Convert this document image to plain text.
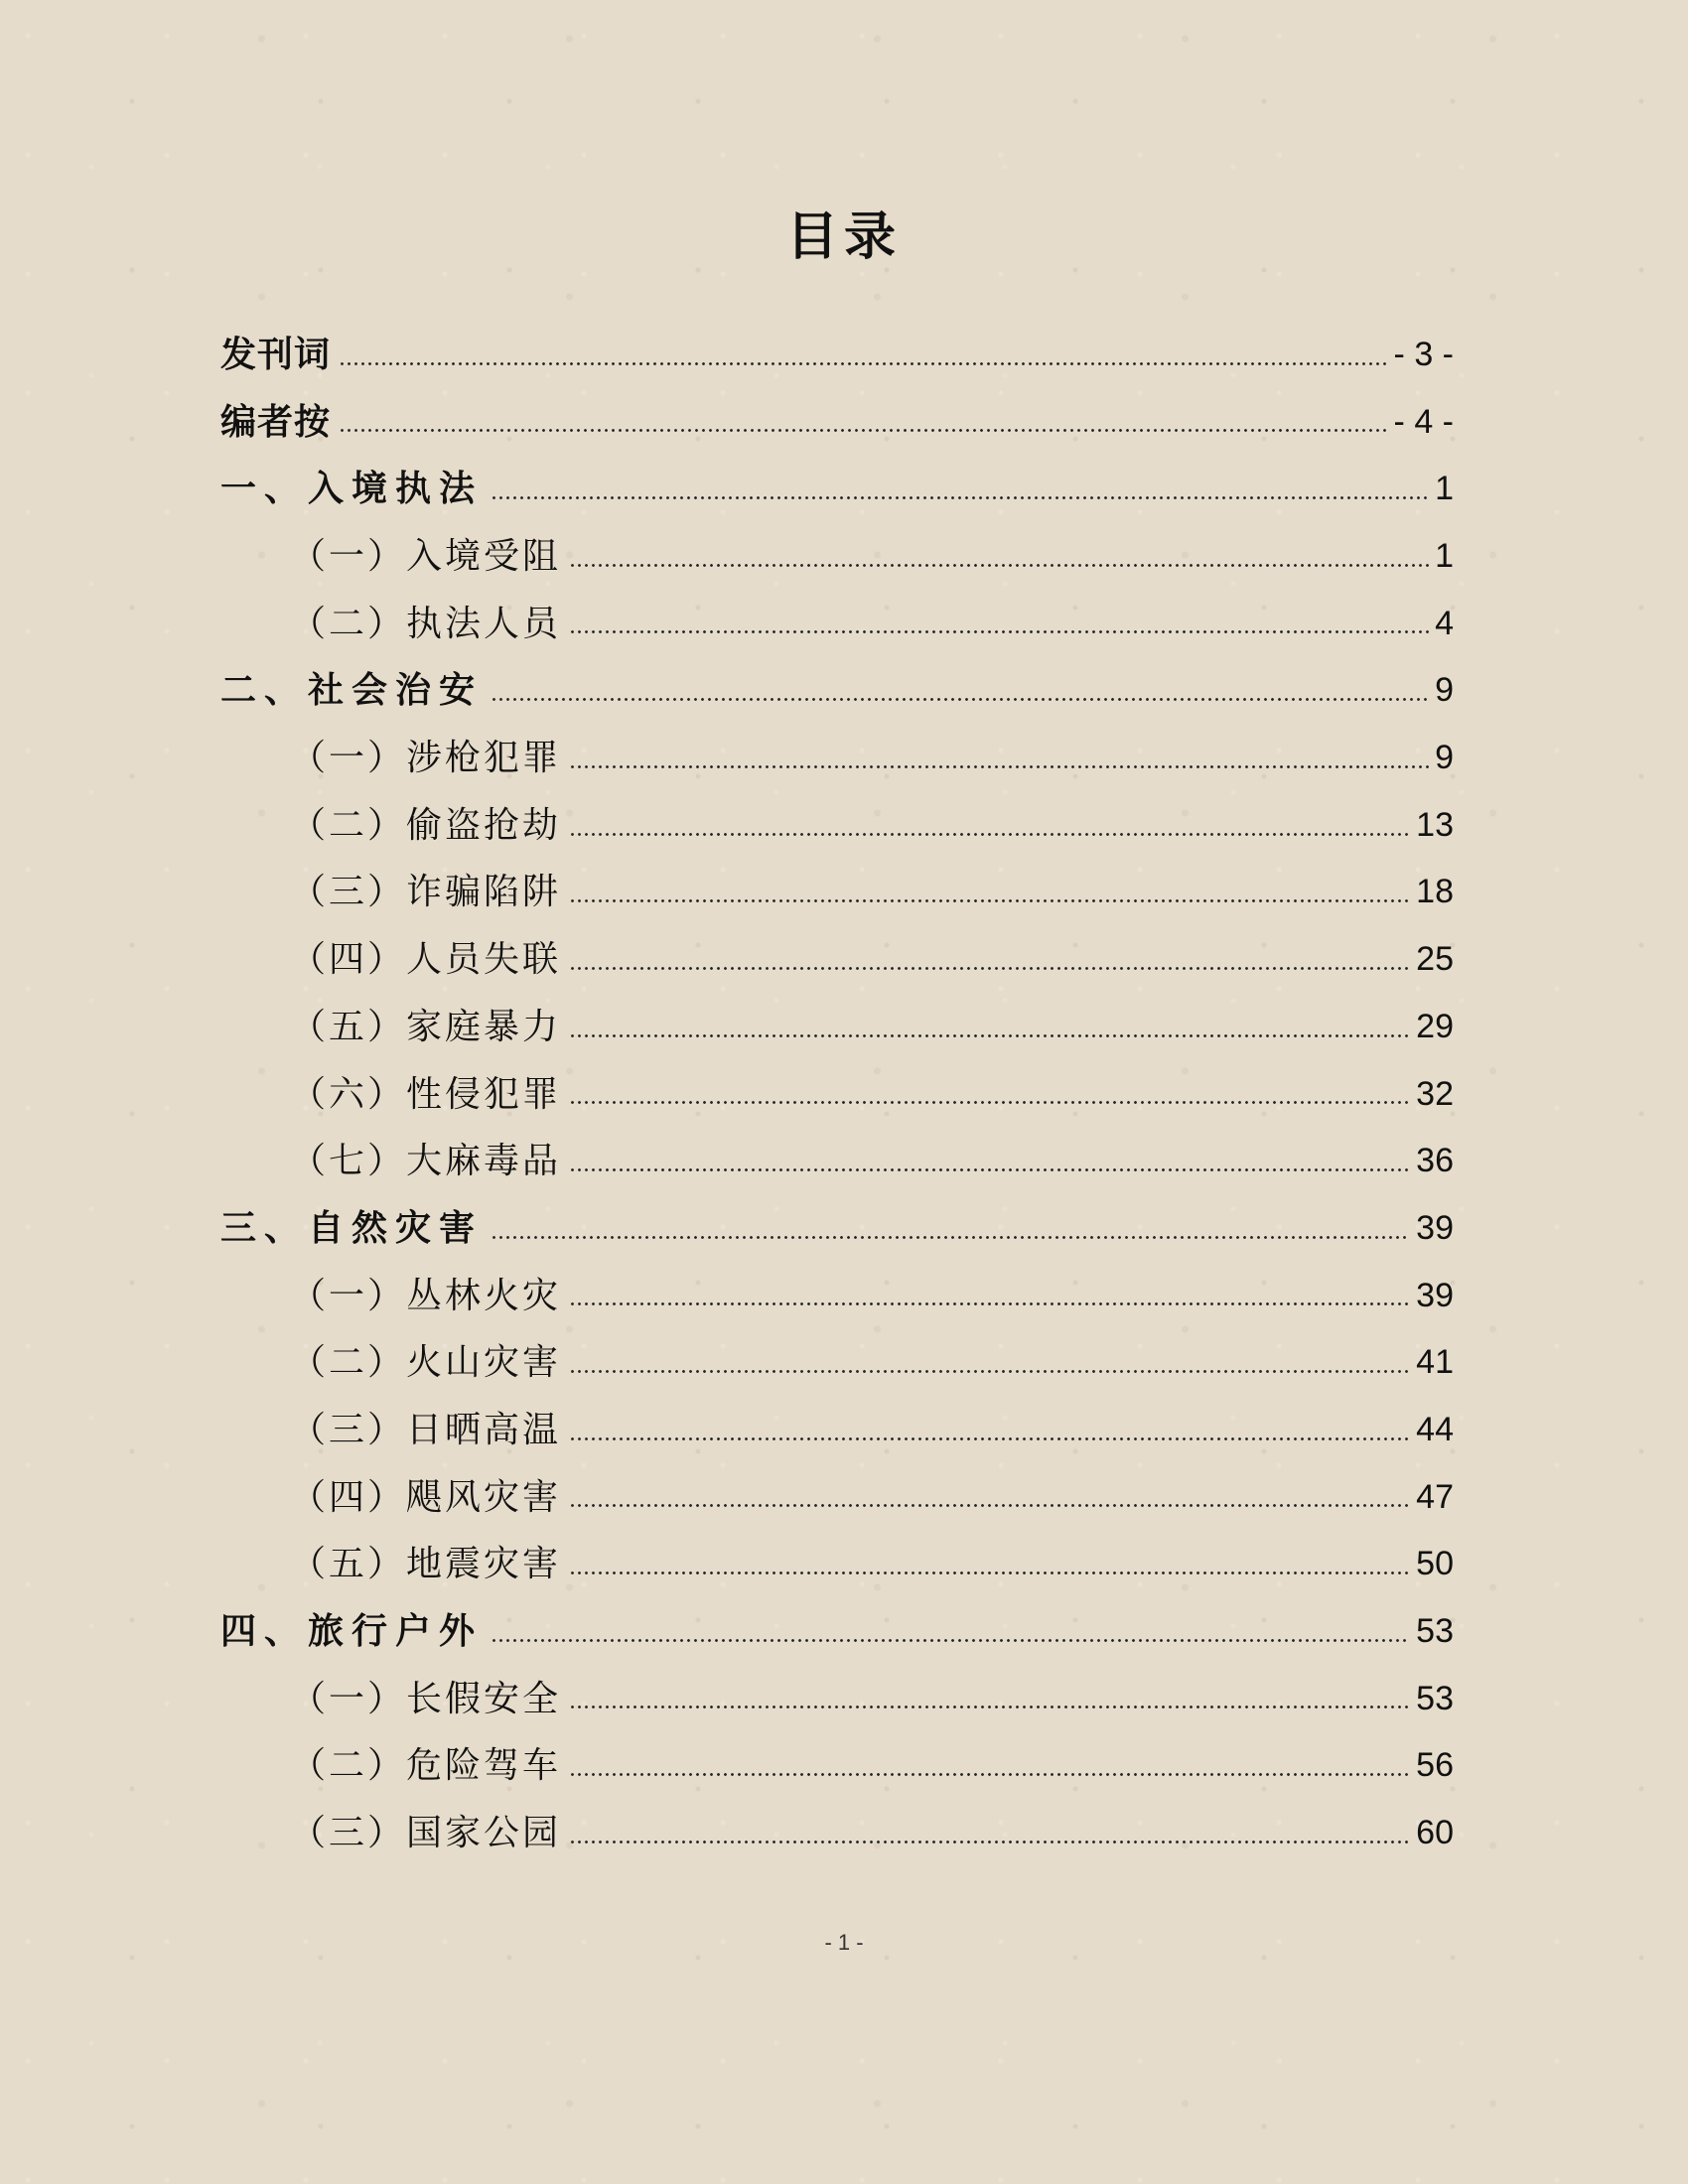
目录
发刊词	- 3 -
编者按	- 4 -
一、入境执法	1
（一）入境受阻	1
（二）执法人员	4
二、社会治安	9
（一）涉枪犯罪	9
（二）偷盗抢劫	13
（三）诈骗陷阱	18
（四）人员失联	25
（五）家庭暴力	29
（六）性侵犯罪	32
（七）大麻毒品	36
三、自然灾害	39
（一）丛林火灾	39
（二）火山灾害	41
（三）日晒高温	44
（四）飓风灾害	47
（五）地震灾害	50
四、旅行户外	53
（一）长假安全	53
（二）危险驾车	56
（三）国家公园	60
- 1 -
